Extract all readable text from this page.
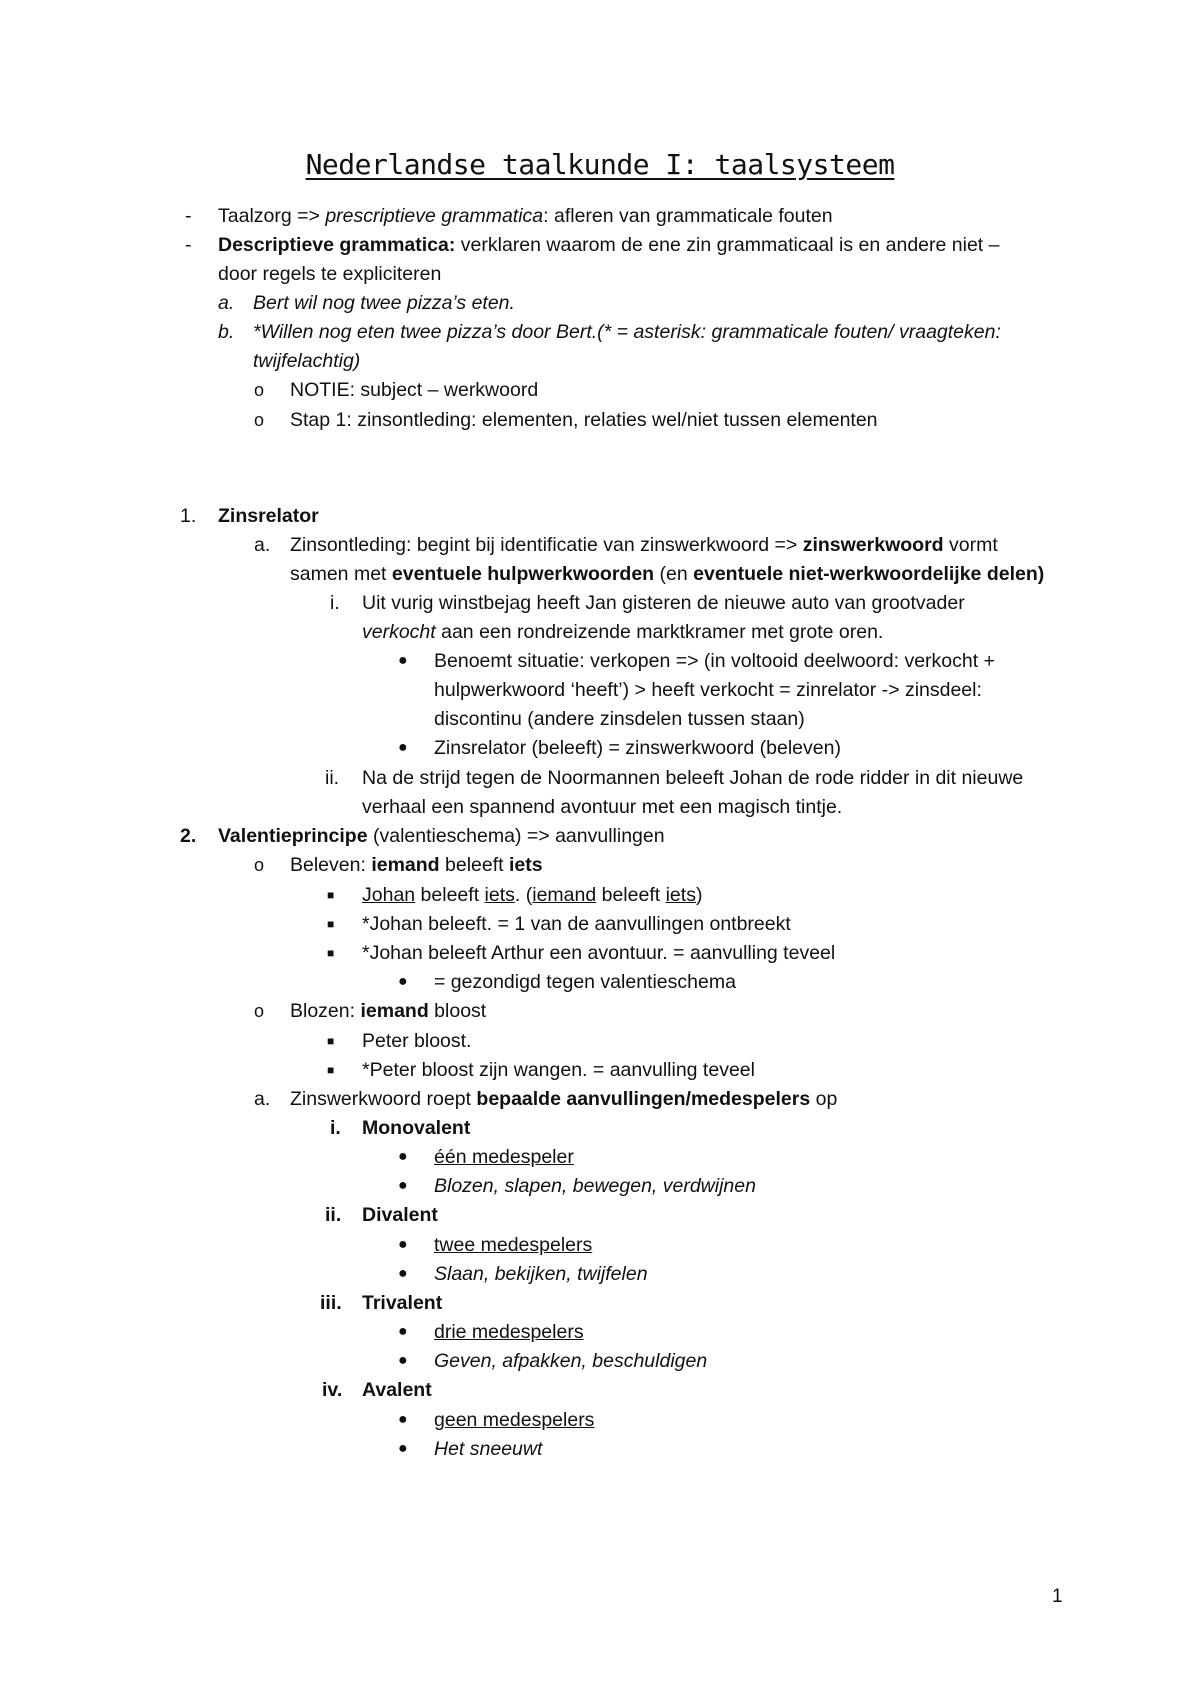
Nederlandse taalkunde I: taalsysteem
- Taalzorg => prescriptieve grammatica: afleren van grammaticale fouten
- Descriptieve grammatica: verklaren waarom de ene zin grammaticaal is en andere niet –
door regels te expliciteren
a. Bert wil nog twee pizza’s eten.
b. *Willen nog eten twee pizza’s door Bert.(* = asterisk: grammaticale fouten/ vraagteken:
twijfelachtig)
o NOTIE: subject – werkwoord
o Stap 1: zinsontleding: elementen, relaties wel/niet tussen elementen
1. Zinsrelator
a. Zinsontleding: begint bij identificatie van zinswerkwoord => zinswerkwoord vormt
samen met eventuele hulpwerkwoorden (en eventuele niet-werkwoordelijke delen)
i. Uit vurig winstbejag heeft Jan gisteren de nieuwe auto van grootvader
verkocht aan een rondreizende marktkramer met grote oren.
● Benoemt situatie: verkopen => (in voltooid deelwoord: verkocht +
hulpwerkwoord ‘heeft’) > heeft verkocht = zinrelator -> zinsdeel:
discontinu (andere zinsdelen tussen staan)
● Zinsrelator (beleeft) = zinswerkwoord (beleven)
ii. Na de strijd tegen de Noormannen beleeft Johan de rode ridder in dit nieuwe
verhaal een spannend avontuur met een magisch tintje.
2. Valentieprincipe (valentieschema) => aanvullingen
o Beleven: iemand beleeft iets
■ Johan beleeft iets. (iemand beleeft iets)
■ *Johan beleeft. = 1 van de aanvullingen ontbreekt
■ *Johan beleeft Arthur een avontuur. = aanvulling teveel
● = gezondigd tegen valentieschema
o Blozen: iemand bloost
■ Peter bloost.
■ *Peter bloost zijn wangen. = aanvulling teveel
a. Zinswerkwoord roept bepaalde aanvullingen/medespelers op
i. Monovalent
● één medespeler
● Blozen, slapen, bewegen, verdwijnen
ii. Divalent
● twee medespelers
● Slaan, bekijken, twijfelen
iii. Trivalent
● drie medespelers
● Geven, afpakken, beschuldigen
iv. Avalent
● geen medespelers
● Het sneeuwt
1
